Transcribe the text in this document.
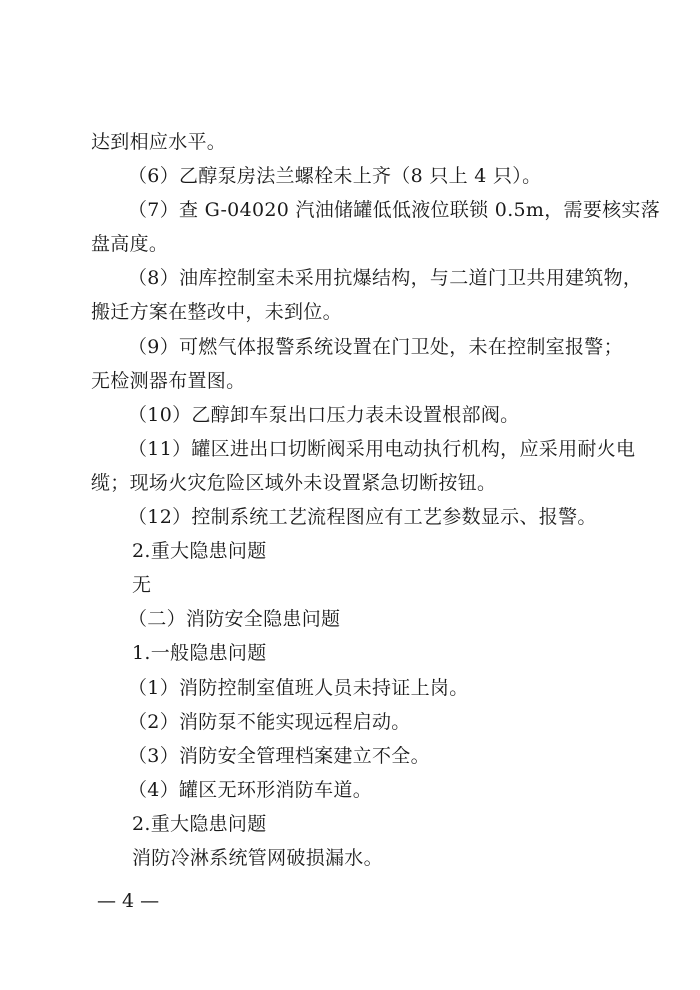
达到相应水平。
（6）乙醇泵房法兰螺栓未上齐（8 只上 4 只）。
（7）查 G-04020 汽油储罐低低液位联锁 0.5m，需要核实落
盘高度。
（8）油库控制室未采用抗爆结构，与二道门卫共用建筑物，
搬迁方案在整改中，未到位。
（9）可燃气体报警系统设置在门卫处，未在控制室报警；
无检测器布置图。
（10）乙醇卸车泵出口压力表未设置根部阀。
（11）罐区进出口切断阀采用电动执行机构，应采用耐火电
缆；现场火灾危险区域外未设置紧急切断按钮。
（12）控制系统工艺流程图应有工艺参数显示、报警。
2.重大隐患问题
无
（二）消防安全隐患问题
1.一般隐患问题
（1）消防控制室值班人员未持证上岗。
（2）消防泵不能实现远程启动。
（3）消防安全管理档案建立不全。
（4）罐区无环形消防车道。
2.重大隐患问题
消防冷淋系统管网破损漏水。
— 4 —
